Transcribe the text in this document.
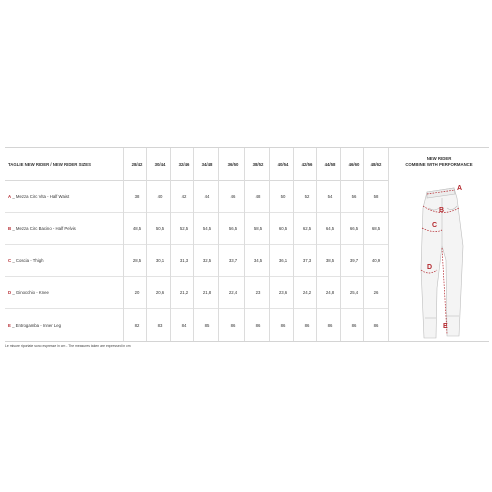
TAGLIE NEW RIDER / NEW RIDER SIZES	28/42	30/44	32/46	34/48	36/50	38/52	40/54	42/56	44/58	46/60	48/62
A
_ Mezza Circ Vita - Half Waist	38	40	42	44	46	48	50	52	54	56	58
B
_ Mezza Circ Bacino - Half Pelvis	48,5	50,5	52,5	54,5	56,5	58,5	60,5	62,5	64,5	66,5	68,5
C
_ Coscia - Thigh	28,5	30,1	31,3	32,5	33,7	34,5	36,1	37,3	38,5	39,7	40,9
D
_ Ginocchio - Knee	20	20,6	21,2	21,8	22,4	23	23,6	24,2	24,8	25,4	26
E
_ Entrogamba - Inner Leg	82	83	84	85	86	86	86	86	86	86	86
NEW RIDER
COMBINE WITH PERFORMANCE
A
B
C
D
E
Le misure riportate sono espresse in cm - The measures taken are expressed in cm
